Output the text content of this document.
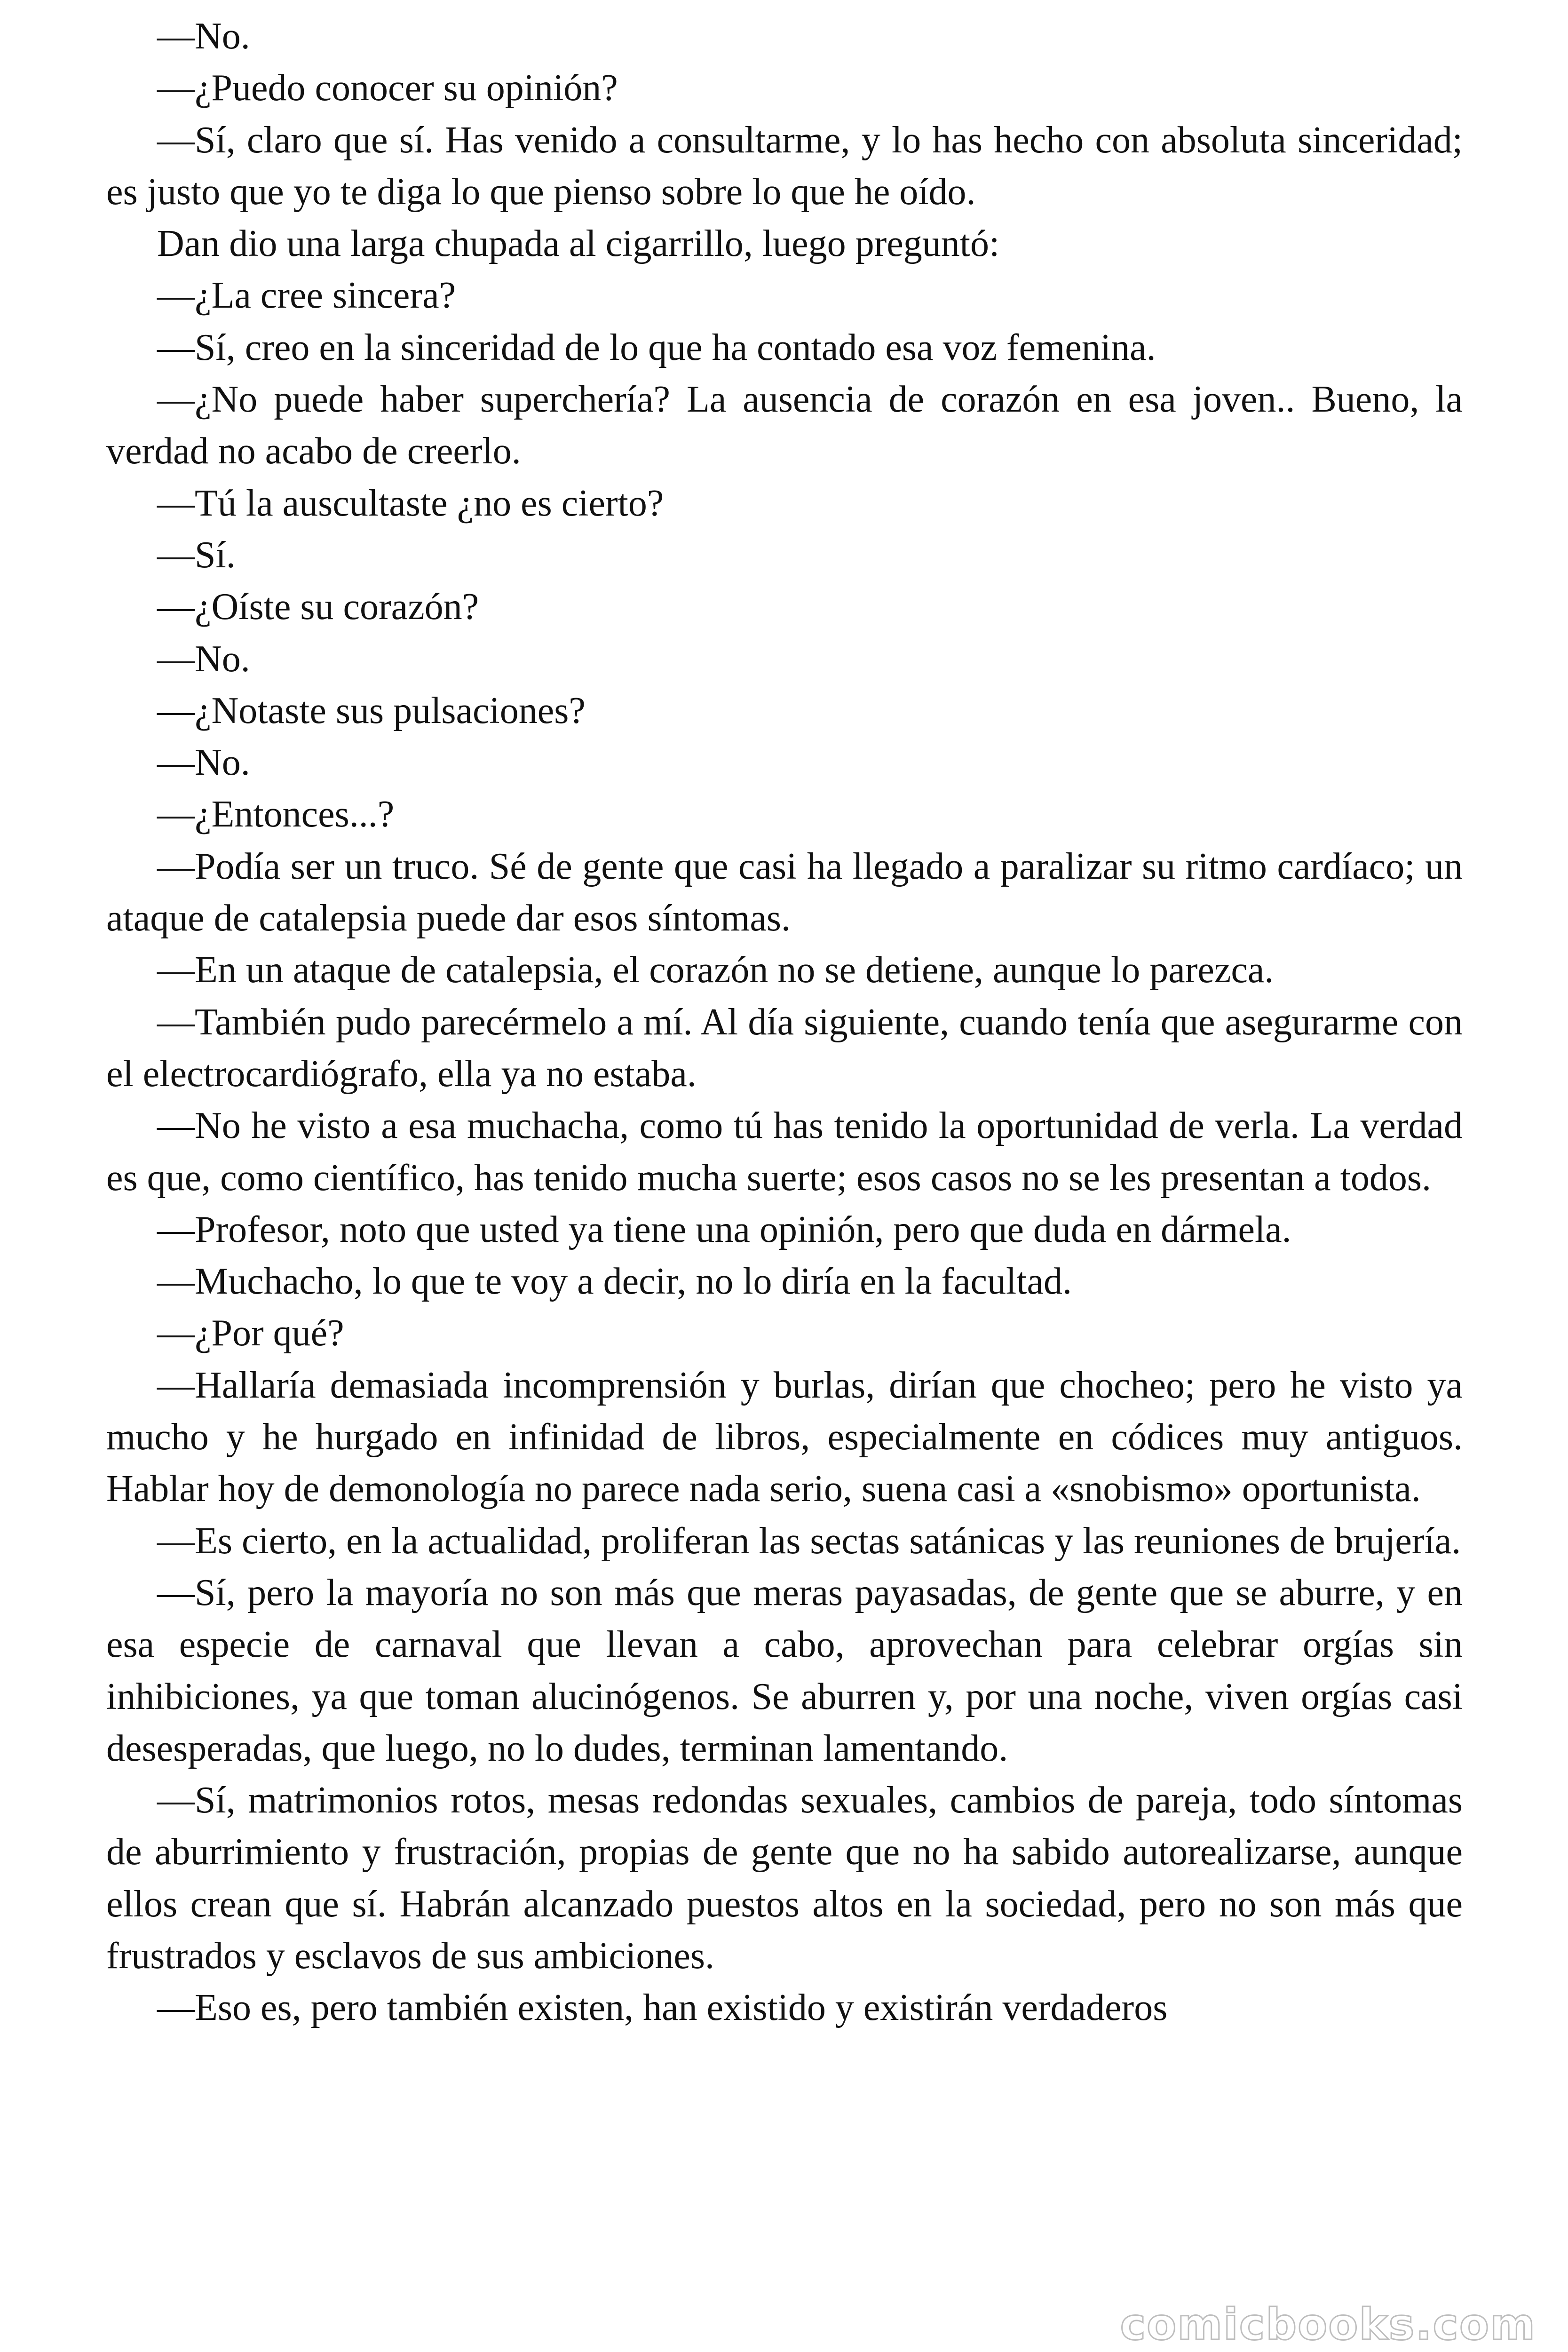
—No.

—¿Puedo conocer su opinión?

—Sí, claro que sí. Has venido a consultarme, y lo has hecho con absoluta sinceridad; es justo que yo te diga lo que pienso sobre lo que he oído.

Dan dio una larga chupada al cigarrillo, luego preguntó:

—¿La cree sincera?

—Sí, creo en la sinceridad de lo que ha contado esa voz femenina.

—¿No puede haber superchería? La ausencia de corazón en esa joven.. Bueno, la verdad no acabo de creerlo.

—Tú la auscultaste ¿no es cierto?

—Sí.

—¿Oíste su corazón?

—No.

—¿Notaste sus pulsaciones?

—No.

—¿Entonces...?

—Podía ser un truco. Sé de gente que casi ha llegado a paralizar su ritmo cardíaco; un ataque de catalepsia puede dar esos síntomas.

—En un ataque de catalepsia, el corazón no se detiene, aunque lo parezca.

—También pudo parecérmelo a mí. Al día siguiente, cuando tenía que asegurarme con el electrocardiógrafo, ella ya no estaba.

—No he visto a esa muchacha, como tú has tenido la oportunidad de verla. La verdad es que, como científico, has tenido mucha suerte; esos casos no se les presentan a todos.

—Profesor, noto que usted ya tiene una opinión, pero que duda en dármela.

—Muchacho, lo que te voy a decir, no lo diría en la facultad.

—¿Por qué?

—Hallaría demasiada incomprensión y burlas, dirían que chocheo; pero he visto ya mucho y he hurgado en infinidad de libros, especialmente en códices muy antiguos. Hablar hoy de demonología no parece nada serio, suena casi a «snobismo» oportunista.

—Es cierto, en la actualidad, proliferan las sectas satánicas y las reuniones de brujería.

—Sí, pero la mayoría no son más que meras payasadas, de gente que se aburre, y en esa especie de carnaval que llevan a cabo, aprovechan para celebrar orgías sin inhibiciones, ya que toman alucinógenos. Se aburren y, por una noche, viven orgías casi desesperadas, que luego, no lo dudes, terminan lamentando.

—Sí, matrimonios rotos, mesas redondas sexuales, cambios de pareja, todo síntomas de aburrimiento y frustración, propias de gente que no ha sabido autorealizarse, aunque ellos crean que sí. Habrán alcanzado puestos altos en la sociedad, pero no son más que frustrados y esclavos de sus ambiciones.

—Eso es, pero también existen, han existido y existirán verdaderos

comicbooks.com
